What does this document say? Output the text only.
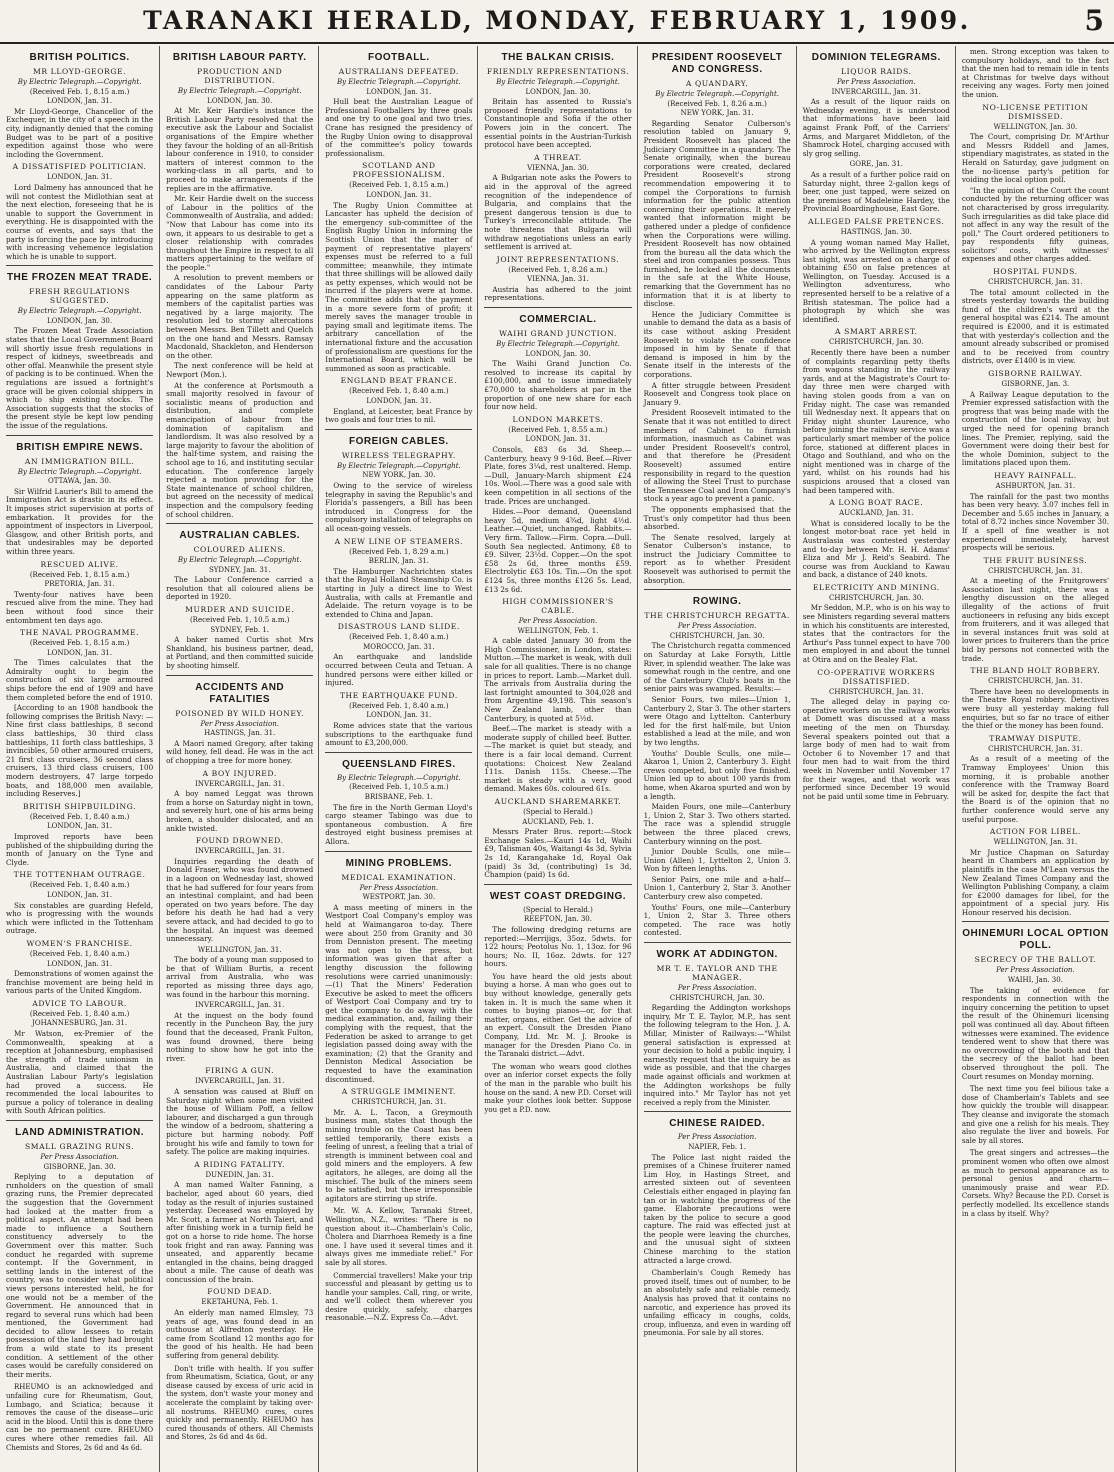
TARANAKI HERALD, MONDAY, FEBRUARY 1, 1909.	5
BRITISH POLITICS.
MR LLOYD-GEORGE.
By Electric Telegraph.—Copyright.
(Received Feb. 1, 8.15 a.m.)
LONDON, Jan. 31.
Mr Lloyd-George, Chancellor of the Exchequer, in the city of a speech in the city, indignantly denied that the coming Budget was to be part of a positive expedition against those who were incloding the Government.
A DISSATISFIED POLITICIAN.
LONDON, Jan. 31.
Lord Dalmeny has announced that he will not contest the Midlothian seat at the next election, foreseeing that he is unable to support the Government in everything. He is disappointed with the course of events, and says that the party is forcing the pace by introducing with increasing vehemence legislation which he is unable to support.
THE FROZEN MEAT TRADE.
FRESH REGULATIONS SUGGESTED.
By Electric Telegraph.—Copyright.
LONDON, Jan. 30.
The Frozen Meat Trade Association states that the Local Government Board will shortly issue fresh regulations in respect of kidneys, sweetbreads and other offal. Meanwhile the present style of packing is to be continued. When the regulations are issued a fortnight's grace will be given colonial shippers in which to ship existing stocks. The Association suggests that the stocks of the present style be kept low pending the issue of the regulations.
BRITISH EMPIRE NEWS.
AN IMMIGRATION BILL.
By Electric Telegraph.—Copyright.
OTTAWA, Jan. 30.
Sir Wilfrid Laurier's Bill to amend the Immigration Act is drastic in its effect. It imposes strict supervision at ports of embarkation. It provides for the appointment of inspectors in Liverpool, Glasgow, and other British ports, and that undesirables may be deported within three years.
RESCUED ALIVE.
(Received Feb. 1, 8.15 a.m.)
PRETORIA, Jan. 31.
Twenty-four natives have been rescued alive from the mine. They had been without food since their entombment ten days ago.
THE NAVAL PROGRAMME.
(Received Feb. 1, 8.15 a.m.)
LONDON, Jan. 31.
The Times calculates that the Admiralty ought to begin the construction of six large armoured ships before the end of 1909 and have them completed before the end of 1910.
[According to an 1908 handbook the following comprises the British Navy: —Nine first class battleships, 8 second class battleships, 30 third class battleships, 11 forth class battleships, 3 invincibles, 50 other armoured cruisers, 21 first class cruisers, 36 second class cruisers, 13 third class cruisers, 100 modern destroyers, 47 large torpedo boats, and 188,000 men available, including Reserves.]
BRITISH SHIPBUILDING.
(Received Feb. 1, 8.40 a.m.)
LONDON, Jan. 31.
Improved reports have been published of the shipbuilding during the month of January on the Tyne and Clyde.
THE TOTTENHAM OUTRAGE.
(Received Feb. 1, 8.40 a.m.)
LONDON, Jan. 31.
Six constables are guarding Hefeld, who is progressing with the wounds which were inflicted in the Tottenham outrage.
WOMEN'S FRANCHISE.
(Received Feb. 1, 8.40 a.m.)
LONDON, Jan. 31.
Demonstrations of women against the franchise movement are being held in various parts of the United Kingdom.
ADVICE TO LABOUR.
(Received Feb. 1, 8.40 a.m.)
JOHANNESBURG, Jan. 31.
Mr Watson, ex-Premier of the Commonwealth, speaking at a reception at Johannesburg, emphasised the strength of trade unionism in Australia, and claimed that the Australian Labour Party's legislation had proved a success. He recommended the local labourites to pursue a policy of tolerance in dealing with South African politics.
LAND ADMINISTRATION.
SMALL GRAZING RUNS.
Per Press Association.
GISBORNE, Jan. 30.
Replying to a deputation of runholders on the question of small grazing runs, the Premier deprecated the suggestion that the Government had looked at the matter from a political aspect. An attempt had been made to influence a Southern constituency adversely to the Government over this matter. Such conduct he regarded with supreme contempt. If the Government, in settling lands in the interest of the country, was to consider what political views persons interested held, he for one would not be a member of the Government. He announced that in regard to several runs which had been mentioned, the Government had decided to allow lessees to retain possession of the land they had brought from a wild state to its present condition. A settlement of the other cases would be carefully considered on their merits.
RHEUMO is an acknowledged and unfailing cure for Rheumatism, Gout, Lumbago, and Sciatica; because it removes the cause of the disease—uric acid in the blood. Until this is done there can be no permanent cure. RHEUMO cures where other remedies fail. All Chemists and Stores, 2s 6d and 4s 6d.
BRITISH LABOUR PARTY.
PRODUCTION AND DISTRIBUTION.
By Electric Telegraph.—Copyright.
LONDON, Jan. 30.
At Mr. Keir Hardie's instance the British Labour Party resolved that the executive ask the Labour and Socialist organisations of the Empire whether they favour the holding of an all-British labour conference in 1910, to consider matters of interest common to the working-class in all parts, and to proceed to make arrangements if the replies are in the affirmative.
Mr. Keir Hardie dwelt on the success of Labour in the politics of the Commonwealth of Australia, and added: "Now that Labour has come into its own, it appears to us desirable to get a closer relationship with comrades throughout the Empire in respect to all matters appertaining to the welfare of the people."
A resolution to prevent members or candidates of the Labour Party appearing on the same platform as members of the capitalist parties was negatived by a large majority. The resolution led to stormy altercations between Messrs. Ben Tillett and Quelch on the one hand and Messrs. Ramsay Macdonald, Shackleton, and Henderson on the other.
The next conference will be held at Newport (Mon.).
At the conference at Portsmouth a small majority resolved in favour of socialistic means of production and distribution, and complete emancipation of labour from the domination of capitalism and landlordism. It was also resolved by a large majority to favour the abolition of the half-time system, and raising the school age to 16, and instituting secular education. The conference largely rejected a motion providing for the State maintenance of school children, but agreed on the necessity of medical inspection and the compulsory feeding of school children.
AUSTRALIAN CABLES.
COLOURED ALIENS.
By Electric Telegraph.—Copyright.
SYDNEY, Jan. 31.
The Labour Conference carried a resolution that all coloured aliens be deported in 1920.
MURDER AND SUICIDE.
(Received Feb. 1, 10.5 a.m.)
SYDNEY, Feb. 1.
A baker named Curtis shot Mrs Shankland, his business partner, dead, at Portland, and then committed suicide by shooting himself.
ACCIDENTS AND FATALITIES
POISONED BY WILD HONEY.
Per Press Association.
HASTINGS, Jan. 31.
A Maori named Gregory, after taking wild honey, fell dead. He was in the act of chopping a tree for more honey.
A BOY INJURED.
INVERCARGILL, Jan. 31.
A boy named Leggat was thrown from a horse on Saturday night in town, and severely hurt, one of his arms being broken, a shoulder dislocated, and an ankle twisted.
FOUND DROWNED.
INVERCARGILL, Jan. 31.
Inquiries regarding the death of Donald Fraser, who was found drowned in a lagoon on Wednesday last, showed that he had suffered for four years from an intestinal complaint, and had been operated on two years before. The day before his death he had had a very severe attack, and had decided to go to the hospital. An inquest was deemed unnecessary.
WELLINGTON, Jan. 31.
The body of a young man supposed to be that of William Burtis, a recent arrival from Australia, who was reported as missing three days ago, was found in the harbour this morning.
INVERCARGILL, Jan. 31.
At the inquest on the body found recently in the Puncheon Bay, the jury found that the deceased, Frank Fulton, was found drowned, there being nothing to show how he got into the river.
FIRING A GUN.
INVERCARGILL, Jan. 31.
A sensation was caused at Bluff on Saturday night when some men visited the house of William Poff, a fellow labourer, and discharged a gun through the window of a bedroom, shattering a picture but harming nobody. Poff brought his wife and family to town for safety. The police are making inquiries.
A RIDING FATALITY.
DUNEDIN, Jan. 31.
A man named Walter Fanning, a bachelor, aged about 60 years, died today as the result of injuries sustained yesterday. Deceased was employed by Mr. Scott, a farmer at North Taieri, and after finishing work in a turnip field he got on a horse to ride home. The horse took fright and ran away. Fanning was unseated, and apparently became entangled in the chains, being dragged about a mile. The cause of death was concussion of the brain.
FOUND DEAD.
EKETAHUNA, Feb. 1.
An elderly man named Elmsley, 73 years of age, was found dead in an outhouse at Alfredton yesterday. He came from Scotland 12 months ago for the good of his health. He had been suffering from general debility.
Don't trifle with health. If you suffer from Rheumatism, Sciatica, Gout, or any disease caused by excess of uric acid in the system, don't waste your money and accelerate the complaint by taking over-all nostrums. RHEUMO cures, cures quickly and permanently. RHEUMO has cured thousands of others. All Chemists and Stores, 2s 6d and 4s 6d.
FOOTBALL.
AUSTRALIANS DEFEATED.
By Electric Telegraph.—Copyright.
LONDON, Jan. 31.
Hull beat the Australian League of Professional Footballers by three goals and one try to one goal and two tries. Crane has resigned the presidency of the Rugby Union owing to disapproval of the committee's policy towards professionalism.
SCOTLAND AND PROFESSIONALISM.
(Received Feb. 1, 8.15 a.m.)
LONDON, Jan. 31.
The Rugby Union Committee at Lancaster has upheld the decision of the emergency sub-committee of the English Rugby Union in informing the Scottish Union that the matter of payment of representative players' expenses must be referred to a full committee; meanwhile, they intimate that three shillings will be allowed daily as petty expenses, which would not be incurred if the players were at home. The committee adds that the payment in a more severe form of profit; it merely saves the manager trouble in paying small and legitimate items. The arbitrary cancellation of the international fixture and the accusation of professionalism are questions for the International Board, which will be summoned as soon as practicable.
ENGLAND BEAT FRANCE.
(Received Feb. 1, 8.40 a.m.)
LONDON, Jan. 31.
England, at Leicester, beat France by two goals and four tries to nil.
FOREIGN CABLES.
WIRELESS TELEGRAPHY.
By Electric Telegraph.—Copyright.
NEW YORK, Jan. 30.
Owing to the service of wireless telegraphy in saving the Republic's and Florida's passengers, a Bill has been introduced in Congress for the compulsory installation of telegraphs on all ocean-going vessels.
A NEW LINE OF STEAMERS.
(Received Feb. 1, 8.29 a.m.)
BERLIN, Jan. 31.
The Hamburger Nachrichten states that the Royal Holland Steamship Co. is starting in July a direct line to West Australia, with calls at Fremantle and Adelaide. The return voyage is to be extended to China and Japan.
DISASTROUS LAND SLIDE.
(Received Feb. 1, 8.40 a.m.)
MOROCCO, Jan. 31.
An earthquake and landslide occurred between Ceuta and Tetuan. A hundred persons were either killed or injured.
THE EARTHQUAKE FUND.
(Received Feb. 1, 8.40 a.m.)
LONDON, Jan. 31.
Rome advices state that the various subscriptions to the earthquake fund amount to £3,200,000.
QUEENSLAND FIRES.
By Electric Telegraph.—Copyright.
(Received Feb. 1, 10.5 a.m.)
BRISBANE, Feb. 1.
The fire in the North German Lloyd's cargo steamer Tabingo was due to spontaneous combustion. A fire destroyed eight business premises at Allora.
MINING PROBLEMS.
MEDICAL EXAMINATION.
Per Press Association.
WESTPORT, Jan. 30.
A mass meeting of miners in the Westport Coal Company's employ was held at Waimangaroa to-day. There were about 250 from Granity and 30 from Denniston present. The meeting was not open to the press, but information was given that after a lengthy discussion the following resolutions were carried unanimously:—(1) That the Miners' Federation Executive be asked to meet the officers of Westport Coal Company and try to get the company to do away with the medical examination, and, failing their complying with the request, that the Federation be asked to arrange to get legislation passed doing away with the examination; (2) that the Granity and Denniston Medical Association be requested to have the examination discontinued.
A STRUGGLE IMMINENT.
CHRISTCHURCH, Jan. 31.
Mr. A. L. Tacon, a Greymouth business man, states that though the mining trouble on the Coast has been settled temporarily, there exists a feeling of unrest, a feeling that a trial of strength is imminent between coal and gold miners and the employers. A few agitators, he alleges, are doing all the mischief. The bulk of the miners seem to be satisfied, but these irresponsible agitators are stirring up strife.
Mr. W. A. Kellow, Taranaki Street, Wellington, N.Z., writes: "There is no question about it—Chamberlain's Colic, Cholera and Diarrhoea Remedy is a fine one. I have used it several times and it always gives me immediate relief." For sale by all stores.
Commercial travellers! Make your trip successful and pleasant by getting us to handle your samples. Call, ring, or write, and we'll collect them wherever you desire quickly, safely, charges reasonable.—N.Z. Express Co.—Advt.
THE BALKAN CRISIS.
FRIENDLY REPRESENTATIONS.
By Electric Telegraph.—Copyright.
LONDON, Jan. 30.
Britain has assented to Russia's proposed friendly representations to Constantinople and Sofia if the other Powers join in the concert. The essential points in the Austrian-Turkish protocol have been accepted.
A THREAT.
VIENNA, Jan. 30.
A Bulgarian note asks the Powers to aid in the approval of the agreed recognition of the independence of Bulgaria, and complains that the present dangerous tension is due to Turkey's irreconcilable attitude. The note threatens that Bulgaria will withdraw negotiations unless an early settlement is arrived at.
JOINT REPRESENTATIONS.
(Received Feb. 1, 8.26 a.m.)
VIENNA, Jan. 31.
Austria has adhered to the joint representations.
COMMERCIAL.
WAIHI GRAND JUNCTION.
By Electric Telegraph.—Copyright.
LONDON, Jan. 30.
The Waihi Grand Junction Co. resolved to increase its capital by £100,000, and to issue immediately £70,000 to shareholders at par in the proportion of one new share for each four now held.
LONDON MARKETS.
(Received Feb. 1, 8.55 a.m.)
LONDON, Jan. 31.
Consols, £83 6s 3d. Sheep.—Canterbury, heavy 9 9-16d. Beef.—River Plate, fores 3¼d, rest unaltered. Hemp.—Dull, January-March shipment £24 10s. Wool.—There was a good sale with keen competition in all sections of the trade. Prices are unchanged.
Hides.—Poor demand, Queensland heavy 5d, medium 4¾d, light 4½d. Leather.—Quiet, unchanged. Rabbits.—Very firm. Tallow.—Firm. Copra.—Dull. South Sea neglected. Antimony, £8 to £9. Silver, 23½d. Copper.—On the spot £58 2s 6d, three months £59. Electrolytic £63 10s. Tin.—On the spot £124 5s, three months £126 5s. Lead, £13 2s 6d.
HIGH COMMISSIONER'S CABLE.
Per Press Association.
WELLINGTON, Feb. 1.
A cable dated January 30 from the High Commissioner, in London, states: Mutton.—The market is weak, with dull sale for all qualities. There is no change in prices to report. Lamb.—Market dull. The arrivals from Australia during the last fortnight amounted to 304,028 and from Argentine 49,198. This season's New Zealand lamb, other than Canterbury, is quoted at 5½d.
Beef.—The market is steady with a moderate supply of chilled beef. Butter.—The market is quiet but steady, and there is a fair local demand. Current quotations: Choicest New Zealand 111s. Danish 115s. Cheese.—The market is steady with a very good demand. Makes 60s. coloured 61s.
AUCKLAND SHAREMARKET.
(Special to Herald.)
AUCKLAND, Feb. 1.
Messrs Prater Bros. report:—Stock Exchange Sales.—Kauri 14s 1d, Waihi £9, Talisman 40s, Waitangi 4s 3d, Sylvia 2s 1d, Karangahake 1d, Royal Oak (paid) 3s 3d, (contributing) 1s 3d, Champion (paid) 1s 6d.
WEST COAST DREDGING.
(Special to Herald.)
REEFTON, Jan. 30.
The following dredging returns are reported:—Merrijigs, 35oz. 5dwts. for 122 hours; Peotolus No. 1, 13oz. for 96 hours; No. II, 16oz. 2dwts. for 127 hours.
You have heard the old jests about buying a horse. A man who goes out to buy without knowledge, generally gets taken in. It is much the same when it comes to buying pianos—or, for that matter, organs, either. Get the advice of an expert. Consult the Dresden Piano Company, Ltd. Mr. M. J. Brooke is manager for the Dresden Piano Co. in the Taranaki district.—Advt.
The woman who wears good clothes over an inferior corset expects the folly of the man in the parable who built his house on the sand. A new P.D. Corset will make your clothes look better. Suppose you get a P.D. now.
PRESIDENT ROOSEVELT AND CONGRESS.
A QUANDARY.
By Electric Telegraph.—Copyright.
(Received Feb. 1, 8.26 a.m.)
NEW YORK, Jan. 31.
Regarding Senator Culberson's resolution tabled on January 9, President Roosevelt has placed the Judiciary Committee in a quandary. The Senate originally, when the bureau corporations were created, declared President Roosevelt's strong recommendation empowering it to compel the Corporations to furnish information for the public attention concerning their operations. It merely wanted that information might be gathered under a pledge of confidence when the Corporations were willing. President Roosevelt has now obtained from the bureau all the data which the steel and iron companies possess. Thus furnished, he locked all the documents in the safe at the White House, remarking that the Government has no information that it is at liberty to disclose.
Hence the Judiciary Committee is unable to demand the data as a basis of its case without asking President Roosevelt to violate the confidence imposed in him by Senate if that demand is imposed in him by the Senate itself in the interests of the corporations.
A fitter struggle between President Roosevelt and Congress took place on January 9.
President Roosevelt intimated to the Senate that it was not entitled to direct members of Cabinet to furnish information, inasmuch as Cabinet was under President Roosevelt's control, and that therefore he (President Roosevelt) assumed entire responsibility in regard to the question of allowing the Steel Trust to purchase the Tennessee Coal and Iron Company's stock a year ago to prevent a panic.
The opponents emphasised that the Trust's only competitor had thus been absorbed.
The Senate resolved, largely at Senator Culberson's instance, to instruct the Judiciary Committee to report as to whether President Roosevelt was authorised to permit the absorption.
ROWING.
THE CHRISTCHURCH REGATTA.
Per Press Association.
CHRISTCHURCH, Jan. 30.
The Christchurch regatta commenced on Saturday at Lake Forsyth, Little River, in splendid weather. The lake was somewhat rough in the centre, and one of the Canterbury Club's boats in the senior pairs was swamped. Results:—
Senior Fours, two miles—Union 1, Canterbury 2, Star 3. The other starters were Otago and Lyttelton. Canterbury led for the first half-mile, but Union established a lead at the mile, and won by two lengths.
Youths' Double Sculls, one mile—Akaroa 1, Union 2, Canterbury 3. Eight crews competed, but only five finished. Union led up to about 100 yards from home, when Akaroa spurted and won by a length.
Maiden Fours, one mile—Canterbury 1, Union 2, Star 3. Two others started. The race was a splendid struggle between the three placed crews, Canterbury winning on the post.
Junior Double Sculls, one mile—Union (Allen) 1, Lyttelton 2, Union 3. Won by fifteen lengths.
Senior Pairs, one mile and a-half—Union 1, Canterbury 2, Star 3. Another Canterbury crew also competed.
Youths' Fours, one mile—Canterbury 1, Union 2, Star 3. Three others competed. The race was hotly contested.
WORK AT ADDINGTON.
MR T. E. TAYLOR AND THE MANAGER.
Per Press Association.
CHRISTCHURCH, Jan. 30.
Regarding the Addington workshops inquiry, Mr T. E. Taylor, M.P., has sent the following telegram to the Hon. J. A. Millar, Minister of Railways:—"Whilst general satisfaction is expressed at your decision to hold a public inquiry, I earnestly request that the inquiry be as wide as possible, and that the charges made against officials and workmen at the Addington workshops be fully inquired into." Mr Taylor has not yet received a reply from the Minister.
CHINESE RAIDED.
Per Press Association.
NAPIER, Feb. 1.
The Police last night raided the premises of a Chinese fruiterer named Lim Hoy, in Hastings Street, and arrested sixteen out of seventeen Celestials either engaged in playing fan tan or in watching the progress of the game. Elaborate precautions were taken by the police to secure a good capture. The raid was effected just at the people were leaving the churches, and the unusual sight of sixteen Chinese marching to the station attracted a large crowd.
Chamberlain's Cough Remedy has proved itself, times out of number, to be an absolutely safe and reliable remedy. Analysis has proved that it contains no narcotic, and experience has proved its unfailing efficacy in coughs, colds, croup, influenza, and even in warding off pneumonia. For sale by all stores.
DOMINION TELEGRAMS.
LIQUOR RAIDS.
Per Press Association.
INVERCARGILL, Jan. 31.
As a result of the liquor raids on Wednesday evening, it is understood that informations have been laid against Frank Poff, of the Carriers' Arms, and Margaret Middleton, of the Shamrock Hotel, charging accused with sly grog selling.
GORE, Jan. 31.
As a result of a further police raid on Saturday night, three 2-gallon kegs of beer, one just tapped, were seized on the premises of Madeleine Hardey, the Provincial Boardinghouse, East Gore.
ALLEGED FALSE PRETENCES.
HASTINGS, Jan. 30.
A young woman named May Hallet, who arrived by the Wellington express last night, was arrested on a charge of obtaining £50 on false pretences at Wellington, on Tuesday. Accused is a Wellington adventuress, who represented herself to be a relative of a British statesman. The police had a photograph by which she was identified.
A SMART ARREST.
CHRISTCHURCH, Jan. 30.
Recently there have been a number of complaints regarding petty thefts from wagons standing in the railway yards, and at the Magistrate's Court to-day three men were charged with having stolen goods from a van on Friday night. The case was remanded till Wednesday next. It appears that on Friday night shunter Laurence, who before joining the railway service was a particularly smart member of the police force, stationed at different places in Otago and Southland, and who on the night mentioned was in charge of the yard, whilst on his rounds had his suspicions aroused that a closed van had been tampered with.
A LONG BOAT RACE.
AUCKLAND, Jan. 31.
What is considered locally to be the longest motor-boat race yet held in Australasia was contested yesterday and to-day between Mr. H. H. Adams' Eliza and Mr J. Reid's Seabird. The course was from Auckland to Kawau and back, a distance of 240 knots.
ELECTRICITY AND MINING.
CHRISTCHURCH, Jan. 30.
Mr Seddon, M.P., who is on his way to see Ministers regarding several matters in which his constituents are interested, states that the contractors for the Arthur's Pass tunnel expect to have 700 men employed in and about the tunnel at Otira and on the Bealey Flat.
CO-OPERATIVE WORKERS DISSATISFIED.
CHRISTCHURCH, Jan. 31.
The alleged delay in paying co-operative workers on the railway works at Domett was discussed at a mass meeting of the men on Thursday. Several speakers pointed out that a large body of men had to wait from October 6 to November 17 and that four men had to wait from the third week in November until November 17 for their wages, and that work was performed since December 19 would not be paid until some time in February.
men. Strong exception was taken to compulsory holidays, and to the fact that the men had to remain idle in tents at Christmas for twelve days without receiving any wages. Forty men joined the union.
NO-LICENSE PETITION DISMISSED.
WELLINGTON, Jan. 30.
The Court, comprising Dr. M'Arthur and Messrs Riddell and James, stipendiary magistrates, as stated in the Herald on Saturday, gave judgment on the no-license party's petition for voiding the local option poll.
"In the opinion of the Court the count conducted by the returning officer was not characterised by gross irregularity. Such irregularities as did take place did not affect in any way the result of the poll." The Court ordered petitioners to pay respondents fifty guineas, solicitors' costs, with witnesses' expenses and other charges added.
HOSPITAL FUNDS.
CHRISTCHURCH, Jan. 31.
The total amount collected in the streets yesterday towards the building fund of the children's ward at the general hospital was £214. The amount required is £2000, and it is estimated that with yesterday's collection and the amount already subscribed or promised and to be received from country districts, over £1400 is in view.
GISBORNE RAILWAY.
GISBORNE, Jan. 3.
A Railway League deputation to the Premier expressed satisfaction with the progress that was being made with the construction of the local railway, but urged the need for opening branch lines. The Premier, replying, said the Government were doing their best for the whole Dominion, subject to the limitations placed upon them.
HEAVY RAINFALL.
ASHBURTON, Jan. 31.
The rainfall for the past two months has been very heavy. 3.07 inches fell in December and 5.65 inches in January, a total of 8.72 inches since November 30. If a spell of fine weather is not experienced immediately, harvest prospects will be serious.
THE FRUIT BUSINESS.
CHRISTCHURCH, Jan. 31.
At a meeting of the Fruitgrowers' Association last night, there was a lengthy discussion on the alleged illegality of the actions of fruit auctioneers in refusing any bids except from fruiterers, and it was alleged that in several instances fruit was sold at lower prices to fruiterers than the price bid by persons not connected with the trade.
THE BLAND HOLT ROBBERY.
CHRISTCHURCH, Jan. 31.
There have been no developments in the Theatre Royal robbery. Detectives were busy all yesterday making full enquiries, but so far no trace of either the thief or the money has been found.
TRAMWAY DISPUTE.
CHRISTCHURCH, Jan. 31.
As a result of a meeting of the Tramway Employees' Union this morning, it is probable another conference with the Tramway Board will be asked for, despite the fact that the Board is of the opinion that no further conference would serve any useful purpose.
ACTION FOR LIBEL.
WELLINGTON, Jan. 31.
Mr Justice Chapman on Saturday heard in Chambers an application by plaintiffs in the case M'Lean versus the New Zealand Times Company and the Wellington Publishing Company, a claim for £2000 damages for libel, for the appointment of a special jury. His Honour reserved his decision.
OHINEMURI LOCAL OPTION POLL.
SECRECY OF THE BALLOT.
Per Press Association.
WAIHI, Jan. 30.
The taking of evidence for respondents in connection with the inquiry concerning the petition to upset the result of the Ohinemuri licensing poll was continued all day. About fifteen witnesses were examined. The evidence tendered went to show that there was no overcrowding of the booth and that the secrecy of the ballot had been observed throughout the poll. The Court resumes on Monday morning.
The next time you feel bilious take a dose of Chamberlain's Tablets and see how quickly the trouble will disappear. They cleanse and invigorate the stomach and give one a relish for his meals. They also regulate the liver and bowels. For sale by all stores.
The great singers and actresses—the prominent women who often owe almost as much to personal appearance as to personal genius and charm—unanimously praise and wear P.D. Corsets. Why? Because the P.D. Corset is perfectly modelled. Its excellence stands in a class by itself. Why?
